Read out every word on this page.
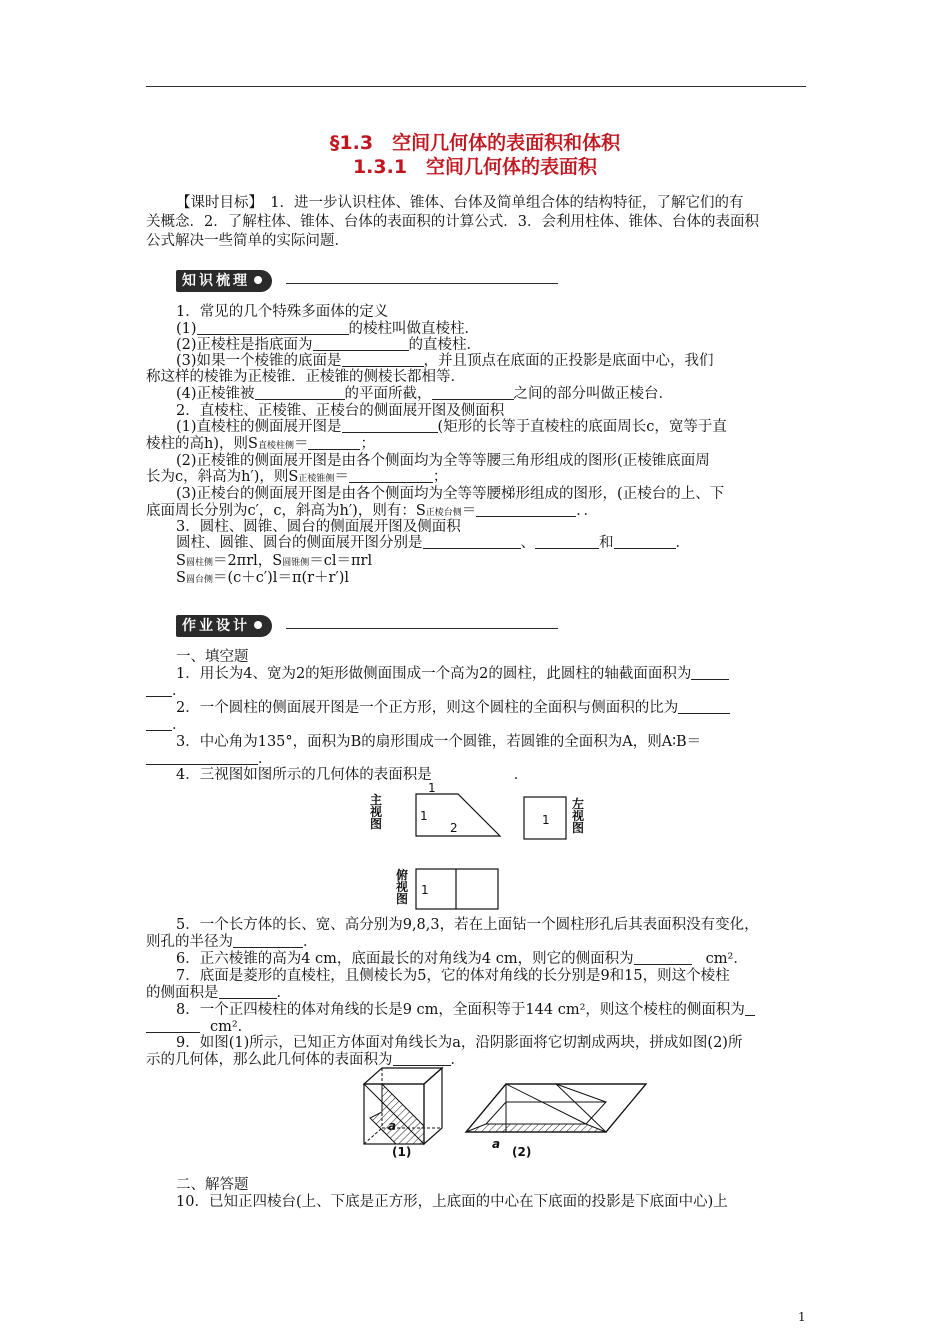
§1.3　空间几何体的表面积和体积
1.3.1　空间几何体的表面积
【课时目标】　1．进一步认识柱体、锥体、台体及简单组合体的结构特征，了解它们的有
关概念．2．了解柱体、锥体、台体的表面积的计算公式．3．会利用柱体、锥体、台体的表面积
公式解决一些简单的实际问题．
知识梳理
1．常见的几个特殊多面体的定义
(1)	的棱柱叫做直棱柱．
(2)正棱柱是指底面为	的直棱柱．
(3)如果一个棱锥的底面是	，并且顶点在底面的正投影是底面中心，我们
称这样的棱锥为正棱锥．正棱锥的侧棱长都相等．
(4)正棱锥被	的平面所截，	之间的部分叫做正棱台．
2．直棱柱、正棱锥、正棱台的侧面展开图及侧面积
(1)直棱柱的侧面展开图是	(矩形的长等于直棱柱的底面周长c，宽等于直
棱柱的高h)，则S直棱柱侧＝	；
(2)正棱锥的侧面展开图是由各个侧面均为全等等腰三角形组成的图形(正棱锥底面周
长为c，斜高为h′)，则S正棱锥侧＝	；
(3)正棱台的侧面展开图是由各个侧面均为全等等腰梯形组成的图形，(正棱台的上、下
底面周长分别为c′，c，斜高为h′)，则有：S正棱台侧＝	．．
3．圆柱、圆锥、圆台的侧面展开图及侧面积
圆柱、圆锥、圆台的侧面展开图分别是	、	和	．
S圆柱侧＝2πrl，S圆锥侧＝cl＝πrl
S圆台侧＝(c＋c′)l＝π(r＋r′)l
作业设计
一、填空题
1．用长为4、宽为2的矩形做侧面围成一个高为2的圆柱，此圆柱的轴截面面积为
．
2．一个圆柱的侧面展开图是一个正方形，则这个圆柱的全面积与侧面积的比为
．
3．中心角为135°，面积为B的扇形围成一个圆锥，若圆锥的全面积为A，则A∶B＝
．
4．三视图如图所示的几何体的表面积是	．
主
视
图
1
1
2
1
左
视
图
俯
视
图
1
5．一个长方体的长、宽、高分别为9,8,3，若在上面钻一个圆柱形孔后其表面积没有变化，
则孔的半径为	．
6．正六棱锥的高为4 cm，底面最长的对角线为4 cm，则它的侧面积为	cm²．
7．底面是菱形的直棱柱，且侧棱长为5，它的体对角线的长分别是9和15，则这个棱柱
的侧面积是	．
8．一个正四棱柱的体对角线的长是9 cm，全面积等于144 cm²，则这个棱柱的侧面积为
cm²．
9．如图(1)所示，已知正方体面对角线长为a，沿阴影面将它切割成两块，拼成如图(2)所
示的几何体，那么此几何体的表面积为	．
a
a
(1)	(2)
二、解答题
10．已知正四棱台(上、下底是正方形，上底面的中心在下底面的投影是下底面中心)上
1
